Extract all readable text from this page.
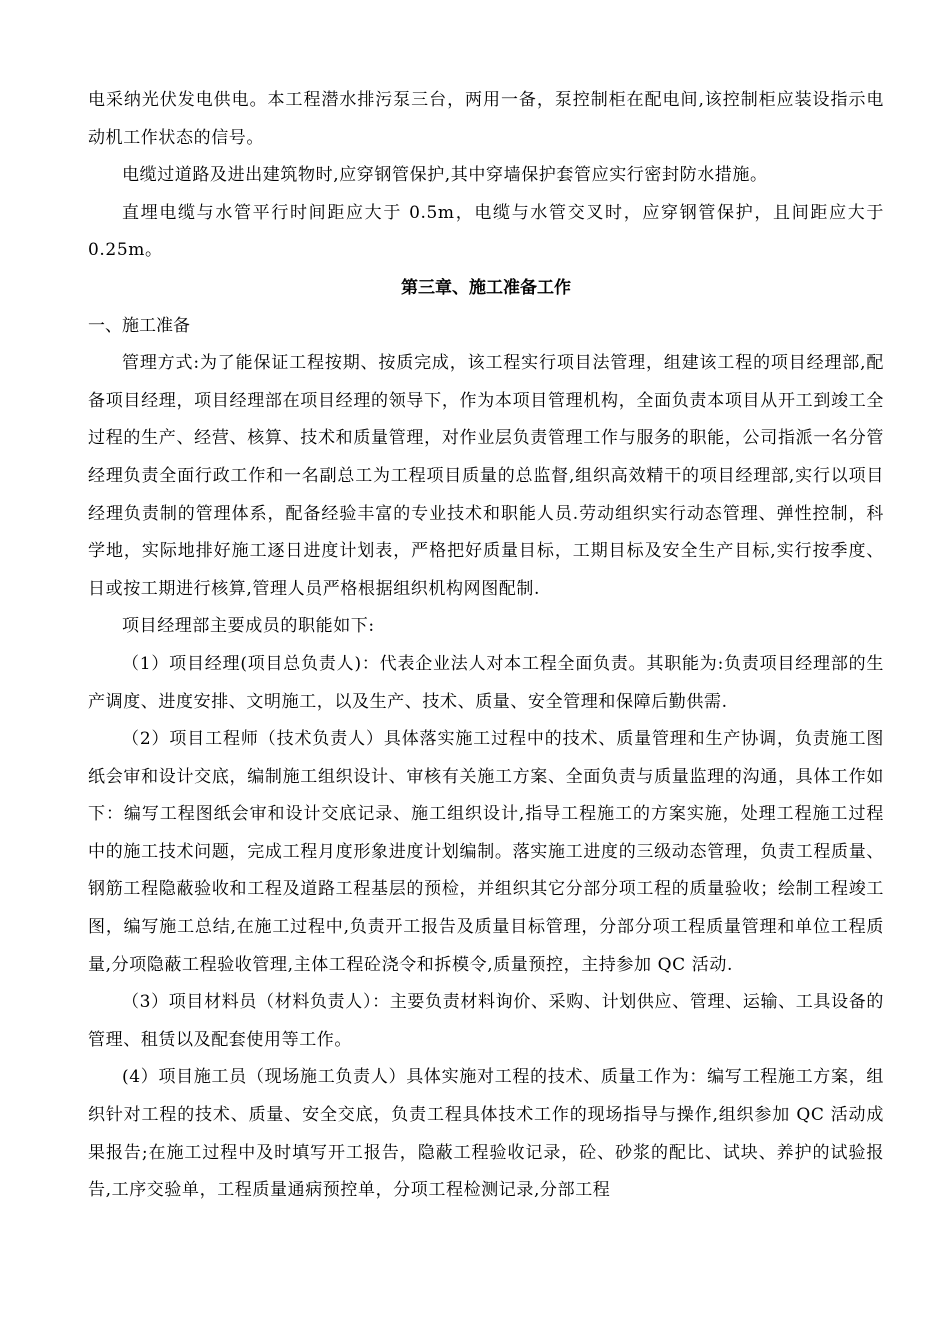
电采纳光伏发电供电。本工程潜水排污泵三台，两用一备，泵控制柜在配电间,该控制柜应装设指示电动机工作状态的信号。

电缆过道路及进出建筑物时,应穿钢管保护,其中穿墙保护套管应实行密封防水措施。

直埋电缆与水管平行时间距应大于 0.5m，电缆与水管交叉时，应穿钢管保护，且间距应大于 0.25m。

第三章、施工准备工作

一、施工准备

管理方式:为了能保证工程按期、按质完成，该工程实行项目法管理，组建该工程的项目经理部,配备项目经理，项目经理部在项目经理的领导下，作为本项目管理机构，全面负责本项目从开工到竣工全过程的生产、经营、核算、技术和质量管理，对作业层负责管理工作与服务的职能，公司指派一名分管经理负责全面行政工作和一名副总工为工程项目质量的总监督,组织高效精干的项目经理部,实行以项目经理负责制的管理体系，配备经验丰富的专业技术和职能人员.劳动组织实行动态管理、弹性控制，科学地，实际地排好施工逐日进度计划表，严格把好质量目标，工期目标及安全生产目标,实行按季度、日或按工期进行核算,管理人员严格根据组织机构网图配制.

项目经理部主要成员的职能如下:

（1）项目经理(项目总负责人)：代表企业法人对本工程全面负责。其职能为:负责项目经理部的生产调度、进度安排、文明施工，以及生产、技术、质量、安全管理和保障后勤供需.

（2）项目工程师（技术负责人）具体落实施工过程中的技术、质量管理和生产协调，负责施工图纸会审和设计交底，编制施工组织设计、审核有关施工方案、全面负责与质量监理的沟通，具体工作如下：编写工程图纸会审和设计交底记录、施工组织设计,指导工程施工的方案实施，处理工程施工过程中的施工技术问题，完成工程月度形象进度计划编制。落实施工进度的三级动态管理，负责工程质量、钢筋工程隐蔽验收和工程及道路工程基层的预检，并组织其它分部分项工程的质量验收；绘制工程竣工图，编写施工总结,在施工过程中,负责开工报告及质量目标管理，分部分项工程质量管理和单位工程质量,分项隐蔽工程验收管理,主体工程砼浇令和拆模令,质量预控，主持参加 QC 活动.

（3）项目材料员（材料负责人）：主要负责材料询价、采购、计划供应、管理、运输、工具设备的管理、租赁以及配套使用等工作。

(4）项目施工员（现场施工负责人）具体实施对工程的技术、质量工作为：编写工程施工方案，组织针对工程的技术、质量、安全交底，负责工程具体技术工作的现场指导与操作,组织参加 QC 活动成果报告;在施工过程中及时填写开工报告，隐蔽工程验收记录，砼、砂浆的配比、试块、养护的试验报告,工序交验单，工程质量通病预控单，分项工程检测记录,分部工程
